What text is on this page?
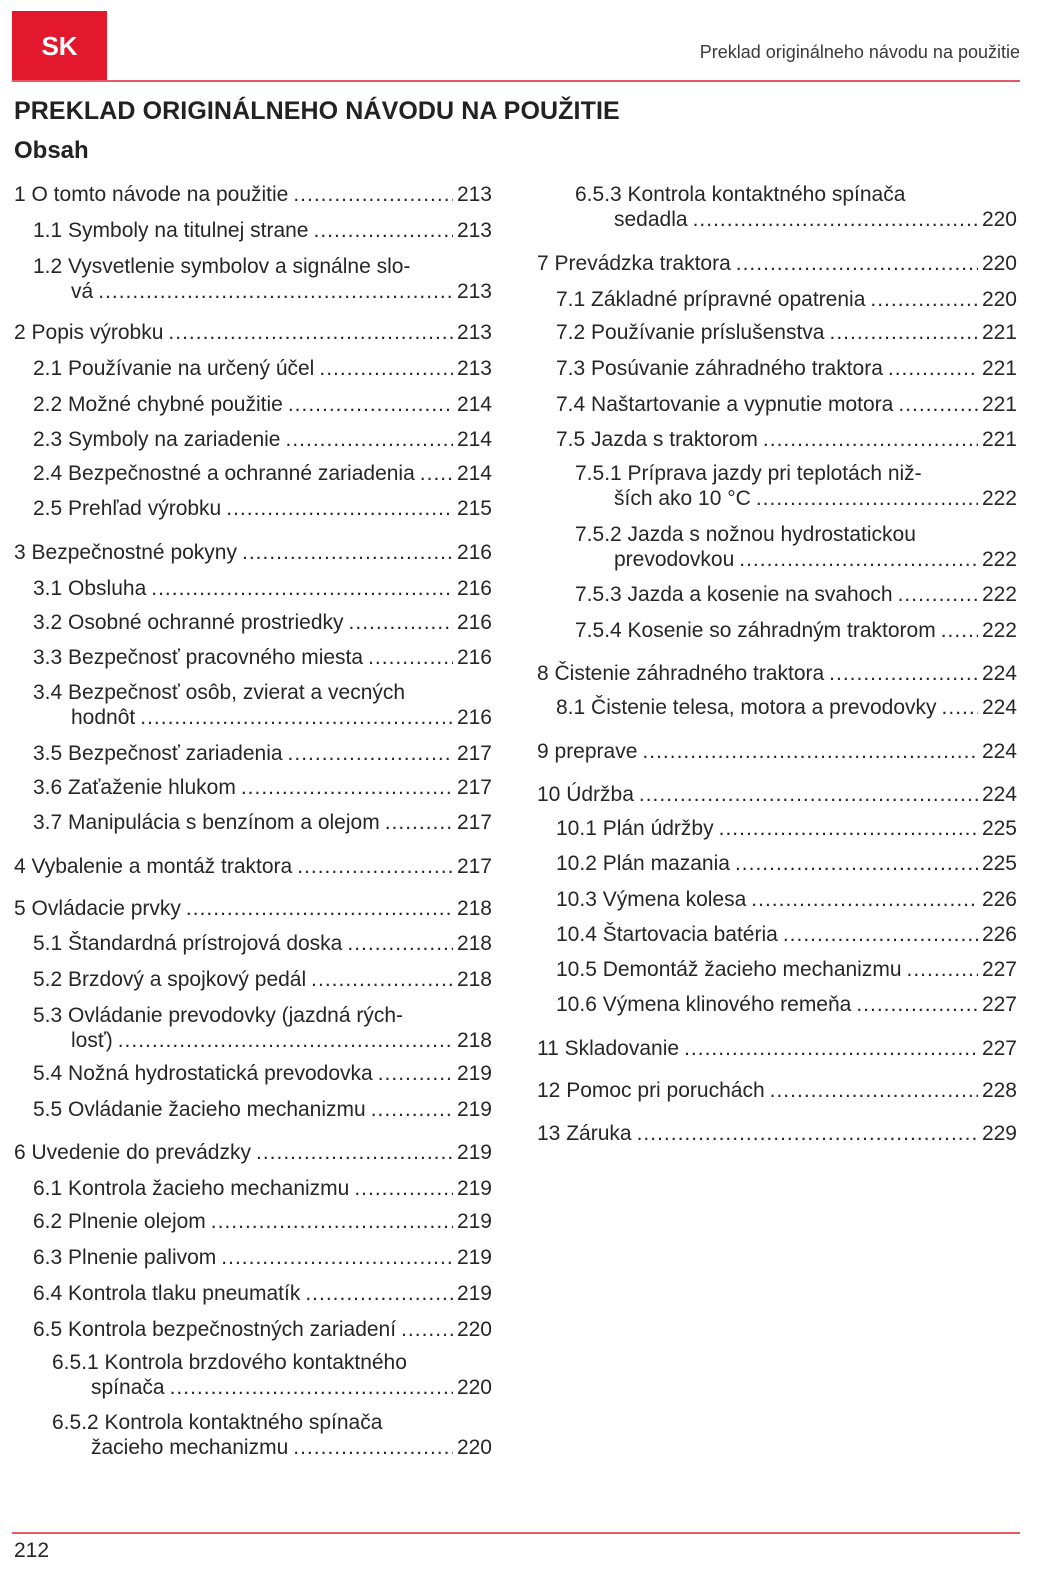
SK	Preklad originálneho návodu na použitie
PREKLAD ORIGINÁLNEHO NÁVODU NA POUŽITIE
Obsah
1 O tomto návode na použitie .....	213
1.1 Symboly na titulnej strane .....	213
1.2 Vysvetlenie symbolov a signálne slo-
vá .....	213
2 Popis výrobku .....	213
2.1 Používanie na určený účel .....	213
2.2 Možné chybné použitie .....	214
2.3 Symboly na zariadenie .....	214
2.4 Bezpečnostné a ochranné zariadenia ..... 214
2.5 Prehľad výrobku .....	215
3 Bezpečnostné pokyny .....	216
3.1 Obsluha .....	216
3.2 Osobné ochranné prostriedky .....	216
3.3 Bezpečnosť pracovného miesta .....	216
3.4 Bezpečnosť osôb, zvierat a vecných
hodnôt .....	216
3.5 Bezpečnosť zariadenia .....	217
3.6 Zaťaženie hlukom .....	217
3.7 Manipulácia s benzínom a olejom .....	217
4 Vybalenie a montáž traktora .....	217
5 Ovládacie prvky .....	218
5.1 Štandardná prístrojová doska .....	218
5.2 Brzdový a spojkový pedál .....	218
5.3 Ovládanie prevodovky (jazdná rých-
losť) .....	218
5.4 Nožná hydrostatická prevodovka .....	219
5.5 Ovládanie žacieho mechanizmu .....	219
6 Uvedenie do prevádzky .....	219
6.1 Kontrola žacieho mechanizmu .....	219
6.2 Plnenie olejom .....	219
6.3 Plnenie palivom .....	219
6.4 Kontrola tlaku pneumatík .....	219
6.5 Kontrola bezpečnostných zariadení .....	220
6.5.1 Kontrola brzdového kontaktného
spínača .....	220
6.5.2 Kontrola kontaktného spínača
žacieho mechanizmu .....	220
6.5.3 Kontrola kontaktného spínača
sedadla .....	220
7 Prevádzka traktora .....	220
7.1 Základné prípravné opatrenia .....	220
7.2 Používanie príslušenstva .....	221
7.3 Posúvanie záhradného traktora .....	221
7.4 Naštartovanie a vypnutie motora .....	221
7.5 Jazda s traktorom .....	221
7.5.1 Príprava jazdy pri teplotách niž-
ších ako 10 °C .....	222
7.5.2 Jazda s nožnou hydrostatickou
prevodovkou .....	222
7.5.3 Jazda a kosenie na svahoch .....	222
7.5.4 Kosenie so záhradným traktorom ..... 222
8 Čistenie záhradného traktora .....	224
8.1 Čistenie telesa, motora a prevodovky ..... 224
9 preprave .....	224
10 Údržba .....	224
10.1 Plán údržby .....	225
10.2 Plán mazania .....	225
10.3 Výmena kolesa .....	226
10.4 Štartovacia batéria .....	226
10.5 Demontáž žacieho mechanizmu .....	227
10.6 Výmena klinového remeňa .....	227
11 Skladovanie .....	227
12 Pomoc pri poruchách .....	228
13 Záruka .....	229
212
